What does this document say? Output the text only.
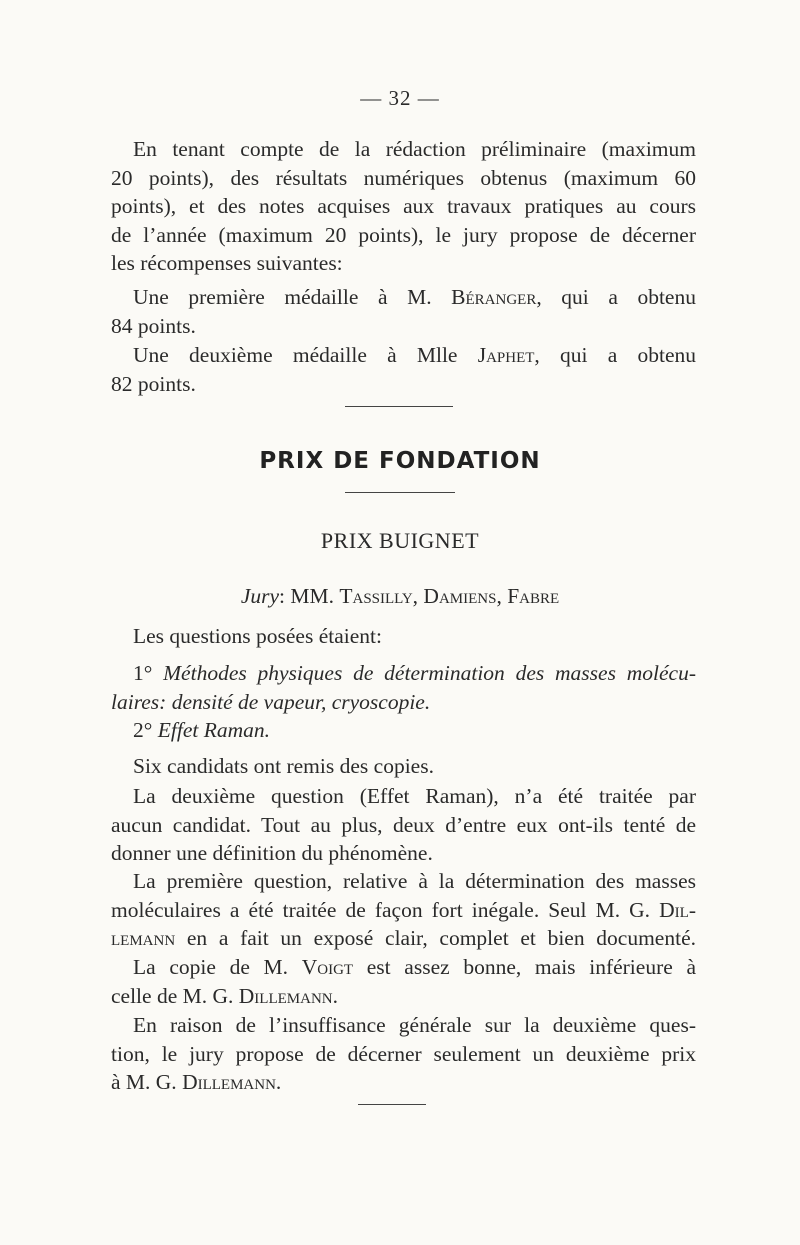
— 32 —

En tenant compte de la rédaction préliminaire (maximum

20 points), des résultats numériques obtenus (maximum 60

points), et des notes acquises aux travaux pratiques au cours

de l’année (maximum 20 points), le jury propose de décerner

les récompenses suivantes:

Une première médaille à M. Béranger, qui a obtenu

84 points.

Une deuxième médaille à Mlle Japhet, qui a obtenu

82 points.

PRIX DE FONDATION
PRIX BUIGNET
Jury: MM. Tassilly, Damiens, Fabre
Les questions posées étaient:

1° Méthodes physiques de détermination des masses molécu-

laires: densité de vapeur, cryoscopie.

2° Effet Raman.
Six candidats ont remis des copies.

La deuxième question (Effet Raman), n’a été traitée par

aucun candidat. Tout au plus, deux d’entre eux ont-ils tenté de

donner une définition du phénomène.

La première question, relative à la détermination des masses

moléculaires a été traitée de façon fort inégale. Seul M. G. Dil-

lemann en a fait un exposé clair, complet et bien documenté.

La copie de M. Voigt est assez bonne, mais inférieure à

celle de M. G. Dillemann.

En raison de l’insuffisance générale sur la deuxième ques-

tion, le jury propose de décerner seulement un deuxième prix

à M. G. Dillemann.
